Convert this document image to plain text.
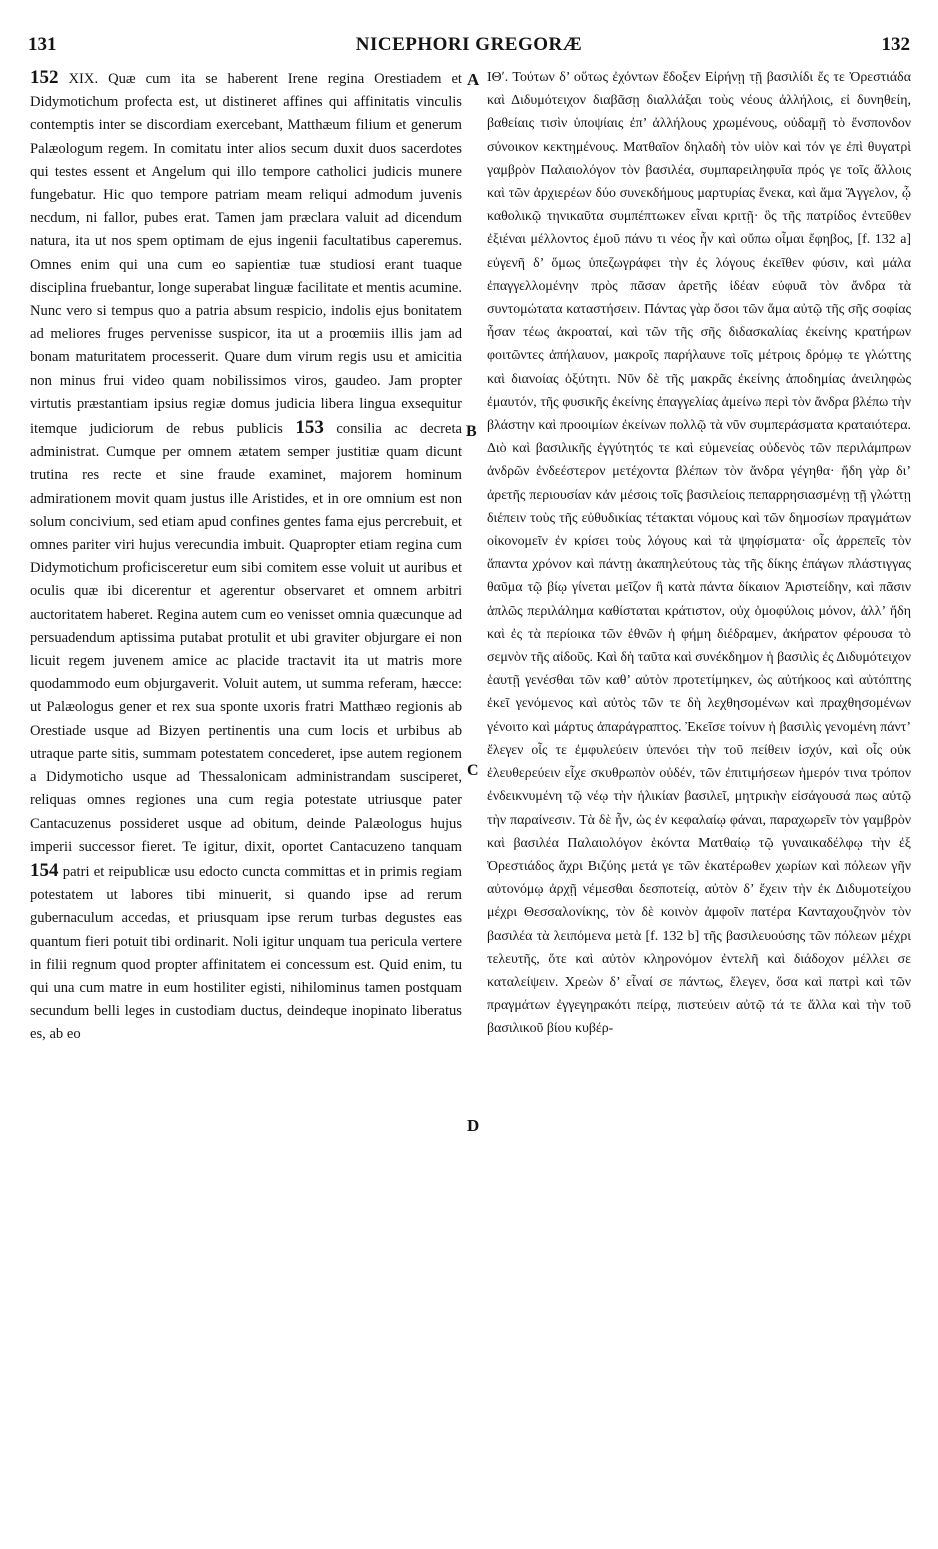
131	NICEPHORI GREGORÆ	132

152 XIX. Quæ cum ita se haberent Irene regina Orestiadem et Didymotichum profecta est, ut distineret affines qui affinitatis vinculis contemptis inter se discordiam exercebant, Matthæum filium et generum Palæologum regem. In comitatu inter alios secum duxit duos sacerdotes qui testes essent et Angelum qui illo tempore catholici judicis munere fungebatur. Hic quo tempore patriam meam reliqui admodum juvenis necdum, ni fallor, pubes erat. Tamen jam præclara valuit ad dicendum natura, ita ut nos spem optimam de ejus ingenii facultatibus caperemus. Omnes enim qui una cum eo sapientiæ tuæ studiosi erant tuaque disciplina fruebantur, longe superabat linguæ facilitate et mentis acumine. Nunc vero si tempus quo a patria absum respicio, indolis ejus bonitatem ad meliores fruges pervenisse suspicor, ita ut a proœmiis illis jam ad bonam maturitatem processerit. Quare dum virum regis usu et amicitia non minus frui video quam nobilissimos viros, gaudeo. Jam propter virtutis præstantiam ipsius regiæ domus judicia libera lingua exsequitur itemque judiciorum de rebus publicis 153 consilia ac decreta administrat. Cumque per omnem ætatem semper justitiæ quam dicunt trutina res recte et sine fraude examinet, majorem hominum admirationem movit quam justus ille Aristides, et in ore omnium est non solum concivium, sed etiam apud confines gentes fama ejus percrebuit, et omnes pariter viri hujus verecundia imbuit. Quapropter etiam regina cum Didymotichum proficisceretur eum sibi comitem esse voluit ut auribus et oculis quæ ibi dicerentur et agerentur observaret et omnem arbitri auctoritatem haberet. Regina autem cum eo venisset omnia quæcunque ad persuadendum aptissima putabat protulit et ubi graviter objurgare ei non licuit regem juvenem amice ac placide tractavit ita ut matris more quodammodo eum objurgaverit. Voluit autem, ut summa referam, hæcce: ut Palæologus gener et rex sua sponte uxoris fratri Matthæo regionis ab Orestiade usque ad Bizyen pertinentis una cum locis et urbibus ab utraque parte sitis, summam potestatem concederet, ipse autem regionem a Didymoticho usque ad Thessalonicam administrandam susciperet, reliquas omnes regiones una cum regia potestate utriusque pater Cantacuzenus possideret usque ad obitum, deinde Palæologus hujus imperii successor fieret. Te igitur, dixit, oportet Cantacuzeno tanquam 154 patri et reipublicæ usu edocto cuncta committas et in primis regiam potestatem ut labores tibi minuerit, si quando ipse ad rerum gubernaculum accedas, et priusquam ipse rerum turbas degustes eas quantum fieri potuit tibi ordinarit. Noli igitur unquam tua pericula vertere in filii regnum quod propter affinitatem ei concessum est. Quid enim, tu qui una cum matre in eum hostiliter egisti, nihilominus tamen postquam secundum belli leges in custodiam ductus, deindeque inopinato liberatus es, ab eo

A
B
C
D

ΙΘʹ. Τούτων δ’ οὕτως ἐχόντων ἔδοξεν Εἰρήνῃ τῇ βασιλίδι ἔς τε Ὀρεστιάδα καὶ Διδυμότειχον διαβᾶσῃ διαλλάξαι τοὺς νέους ἀλλήλοις, εἰ δυνηθείη, βαθείαις τισὶν ὑποψίαις ἐπ’ ἀλλήλους χρωμένους, οὐδαμῇ τὸ ἔνσπονδον σύνοικον κεκτημένους. Ματθαῖον δηλαδὴ τὸν υἱὸν καὶ τόν γε ἐπὶ θυγατρὶ γαμβρὸν Παλαιολόγον τὸν βασιλέα, συμπαρειληφυῖα πρός γε τοῖς ἄλλοις καὶ τῶν ἀρχιερέων δύο συνεκδήμους μαρτυρίας ἕνεκα, καὶ ἅμα Ἄγγελον, ᾧ καθολικῷ τηνικαῦτα συμπέπτωκεν εἶναι κριτῇ· ὃς τῆς πατρίδος ἐντεῦθεν ἐξιέναι μέλλοντος ἐμοῦ πάνυ τι νέος ἦν καὶ οὔπω οἶμαι ἔφηβος, [f. 132 a] εὐγενῆ δ’ ὅμως ὑπεζωγράφει τὴν ἐς λόγους ἐκεῖθεν φύσιν, καὶ μάλα ἐπαγγελλομένην πρὸς πᾶσαν ἀρετῆς ἰδέαν εὐφυᾶ τὸν ἄνδρα τὰ συντομώτατα καταστήσειν. Πάντας γὰρ ὅσοι τῶν ἅμα αὐτῷ τῆς σῆς σοφίας ἦσαν τέως ἀκροαταί, καὶ τῶν τῆς σῆς διδασκαλίας ἐκείνης κρατήρων φοιτῶντες ἀπήλαυον, μακροῖς παρήλαυνε τοῖς μέτροις δρόμῳ τε γλώττης καὶ διανοίας ὀξύτητι. Νῦν δὲ τῆς μακρᾶς ἐκείνης ἀποδημίας ἀνειληφὼς ἐμαυτόν, τῆς φυσικῆς ἐκείνης ἐπαγγελίας ἀμείνω περὶ τὸν ἄνδρα βλέπω τὴν βλάστην καὶ προοιμίων ἐκείνων πολλῷ τὰ νῦν συμπεράσματα κραταιότερα. Διὸ καὶ βασιλικῆς ἐγγύτητός τε καὶ εὐμενείας οὐδενὸς τῶν περιλάμπρων ἀνδρῶν ἐνδεέστερον μετέχοντα βλέπων τὸν ἄνδρα γέγηθα· ἤδη γὰρ δι’ ἀρετῆς περιουσίαν κἀν μέσοις τοῖς βασιλείοις πεπαρρησιασμένῃ τῇ γλώττῃ διέπειν τοὺς τῆς εὐθυδικίας τέτακται νόμους καὶ τῶν δημοσίων πραγμάτων οἰκονομεῖν ἐν κρίσει τοὺς λόγους καὶ τὰ ψηφίσματα· οἷς ἀρρεπεῖς τὸν ἅπαντα χρόνον καὶ πάντῃ ἀκαπηλεύτους τὰς τῆς δίκης ἐπάγων πλάστιγγας θαῦμα τῷ βίῳ γίνεται μεῖζον ἢ κατὰ πάντα δίκαιον Ἀριστείδην, καὶ πᾶσιν ἁπλῶς περιλάλημα καθίσταται κράτιστον, οὐχ ὁμοφύλοις μόνον, ἀλλ’ ἤδη καὶ ἐς τὰ περίοικα τῶν ἐθνῶν ἡ φήμη διέδραμεν, ἀκήρατον φέρουσα τὸ σεμνὸν τῆς αἰδοῦς. Καὶ δὴ ταῦτα καὶ συνέκδημον ἡ βασιλὶς ἐς Διδυμότειχον ἑαυτῇ γενέσθαι τῶν καθ’ αὐτὸν προτετίμηκεν, ὡς αὐτήκοος καὶ αὐτόπτης ἐκεῖ γενόμενος καὶ αὐτὸς τῶν τε δὴ λεχθησομένων καὶ πραχθησομένων γένοιτο καὶ μάρτυς ἀπαράγραπτος. Ἐκεῖσε τοίνυν ἡ βασιλὶς γενομένη πάντ’ ἔλεγεν οἷς τε ἐμφυλεύειν ὑπενόει τὴν τοῦ πείθειν ἰσχύν, καὶ οἷς οὐκ ἐλευθερεύειν εἶχε σκυθρωπὸν οὐδέν, τῶν ἐπιτιμήσεων ἡμερόν τινα τρόπον ἐνδεικνυμένη τῷ νέῳ τὴν ἡλικίαν βασιλεῖ, μητρικὴν εἰσάγουσά πως αὐτῷ τὴν παραίνεσιν. Τὰ δὲ ἦν, ὡς ἐν κεφαλαίῳ φάναι, παραχωρεῖν τὸν γαμβρὸν καὶ βασιλέα Παλαιολόγον ἑκόντα Ματθαίῳ τῷ γυναικαδέλφῳ τὴν ἐξ Ὀρεστιάδος ἄχρι Βιζύης μετά γε τῶν ἑκατέρωθεν χωρίων καὶ πόλεων γῆν αὐτονόμῳ ἀρχῇ νέμεσθαι δεσποτείᾳ, αὐτὸν δ’ ἔχειν τὴν ἐκ Διδυμοτείχου μέχρι Θεσσαλονίκης, τὸν δὲ κοινὸν ἀμφοῖν πατέρα Κανταχουζηνὸν τὸν βασιλέα τὰ λειπόμενα μετὰ [f. 132 b] τῆς βασιλευούσης τῶν πόλεων μέχρι τελευτῆς, ὅτε καὶ αὐτὸν κληρονόμον ἐντελῆ καὶ διάδοχον μέλλει σε καταλείψειν. Χρεὼν δ’ εἶναί σε πάντως, ἔλεγεν, ὅσα καὶ πατρὶ καὶ τῶν πραγμάτων ἐγγεγηρακότι πείρᾳ, πιστεύειν αὐτῷ τά τε ἄλλα καὶ τὴν τοῦ βασιλικοῦ βίου κυβέρ-
